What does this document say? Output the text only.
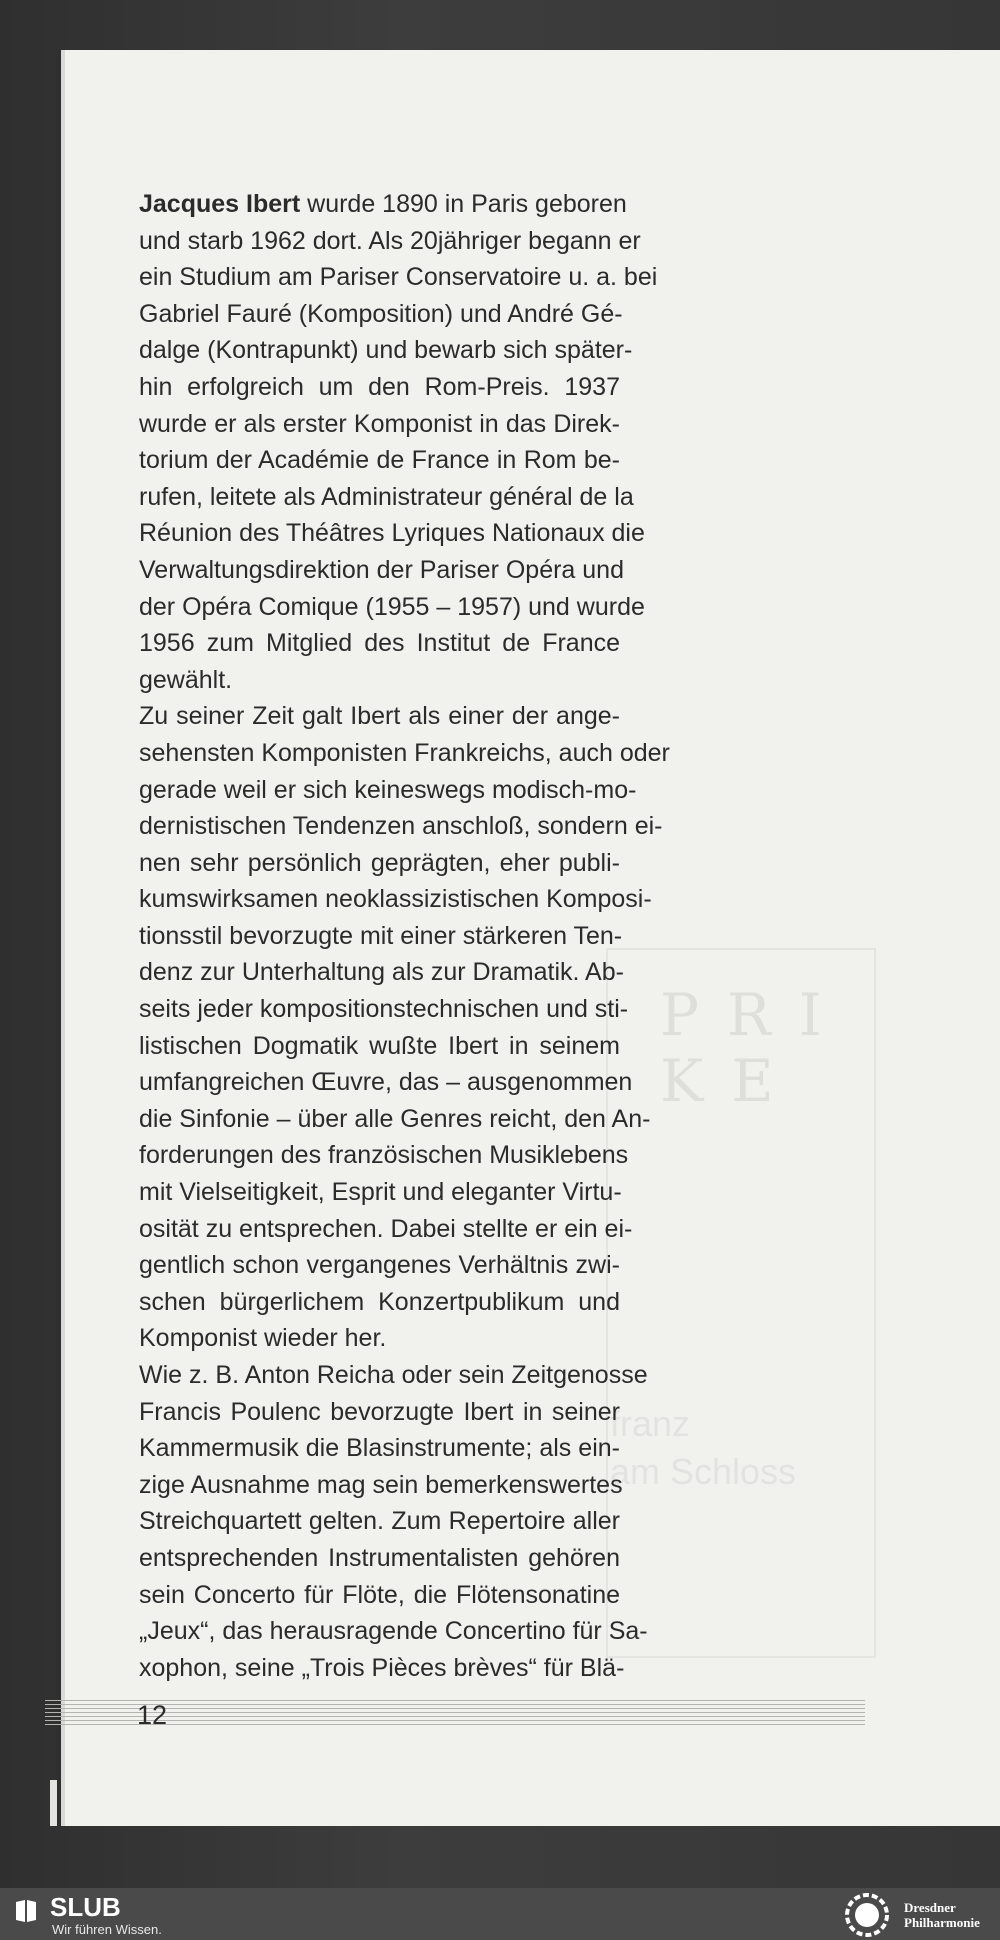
PRI
KE
franz
am Schloss
Jacques Ibert wurde 1890 in Paris geboren
und starb 1962 dort. Als 20jähriger begann er
ein Studium am Pariser Conservatoire u. a. bei
Gabriel Fauré (Komposition) und André Gé-
dalge (Kontrapunkt) und bewarb sich später-
hin erfolgreich um den Rom-Preis. 1937
wurde er als erster Komponist in das Direk-
torium der Académie de France in Rom be-
rufen, leitete als Administrateur général de la
Réunion des Théâtres Lyriques Nationaux die
Verwaltungsdirektion der Pariser Opéra und
der Opéra Comique (1955 – 1957) und wurde
1956 zum Mitglied des Institut de France
gewählt.
Zu seiner Zeit galt Ibert als einer der ange-
sehensten Komponisten Frankreichs, auch oder
gerade weil er sich keineswegs modisch-mo-
dernistischen Tendenzen anschloß, sondern ei-
nen sehr persönlich geprägten, eher publi-
kumswirksamen neoklassizistischen Komposi-
tionsstil bevorzugte mit einer stärkeren Ten-
denz zur Unterhaltung als zur Dramatik. Ab-
seits jeder kompositionstechnischen und sti-
listischen Dogmatik wußte Ibert in seinem
umfangreichen Œuvre, das – ausgenommen
die Sinfonie – über alle Genres reicht, den An-
forderungen des französischen Musiklebens
mit Vielseitigkeit, Esprit und eleganter Virtu-
osität zu entsprechen. Dabei stellte er ein ei-
gentlich schon vergangenes Verhältnis zwi-
schen bürgerlichem Konzertpublikum und
Komponist wieder her.
Wie z. B. Anton Reicha oder sein Zeitgenosse
Francis Poulenc bevorzugte Ibert in seiner
Kammermusik die Blasinstrumente; als ein-
zige Ausnahme mag sein bemerkenswertes
Streichquartett gelten. Zum Repertoire aller
entsprechenden Instrumentalisten gehören
sein Concerto für Flöte, die Flötensonatine
„Jeux“, das herausragende Concertino für Sa-
xophon, seine „Trois Pièces brèves“ für Blä-
12
SLUB
Wir führen Wissen.
Dresdner
Philharmonie
